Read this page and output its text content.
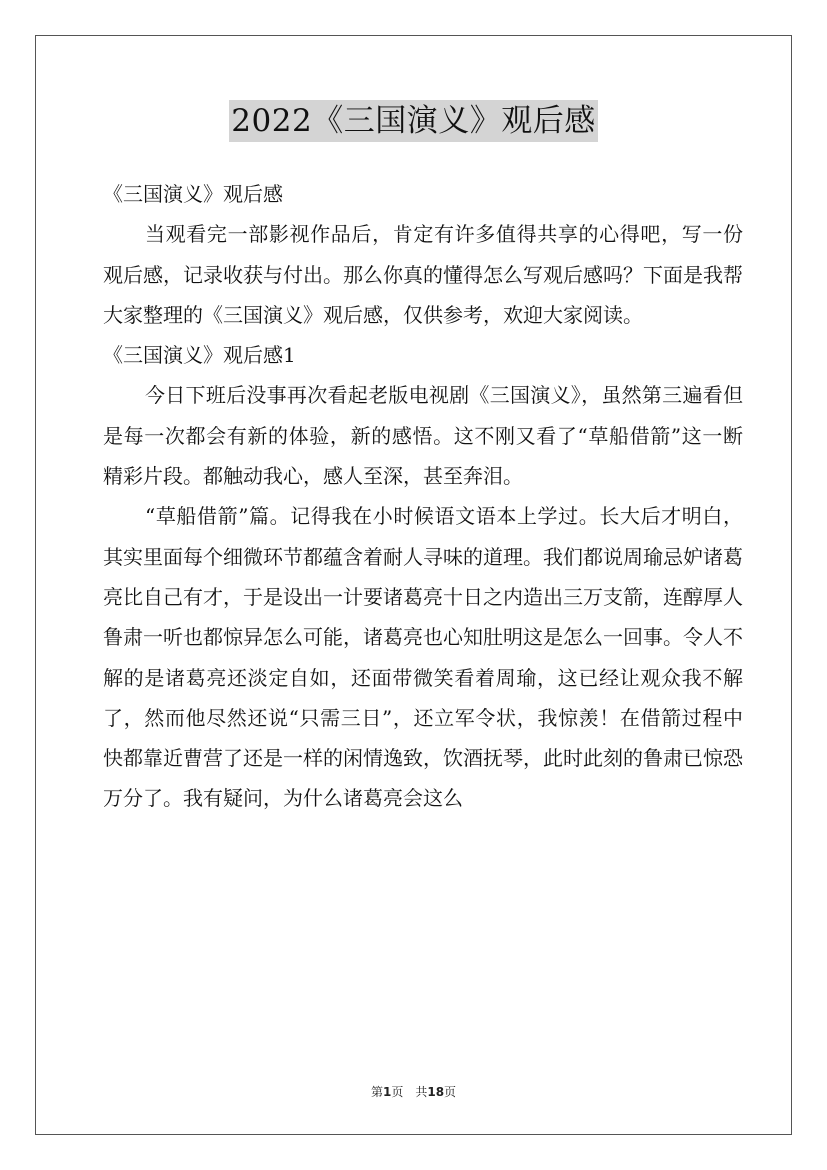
2022《三国演义》观后感

《三国演义》观后感

当观看完一部影视作品后，肯定有许多值得共享的心得吧，写一份观后感，记录收获与付出。那么你真的懂得怎么写观后感吗？下面是我帮大家整理的《三国演义》观后感，仅供参考，欢迎大家阅读。

《三国演义》观后感1

今日下班后没事再次看起老版电视剧《三国演义》，虽然第三遍看但是每一次都会有新的体验，新的感悟。这不刚又看了“草船借箭”这一断精彩片段。都触动我心，感人至深，甚至奔泪。

“草船借箭”篇。记得我在小时候语文语本上学过。长大后才明白，其实里面每个细微环节都蕴含着耐人寻味的道理。我们都说周瑜忌妒诸葛亮比自己有才，于是设出一计要诸葛亮十日之内造出三万支箭，连醇厚人鲁肃一听也都惊异怎么可能，诸葛亮也心知肚明这是怎么一回事。令人不解的是诸葛亮还淡定自如，还面带微笑看着周瑜，这已经让观众我不解了，然而他尽然还说“只需三日”，还立军令状，我惊羡！在借箭过程中快都靠近曹营了还是一样的闲情逸致，饮酒抚琴，此时此刻的鲁肃已惊恐万分了。我有疑问，为什么诸葛亮会这么

第1页 共18页
